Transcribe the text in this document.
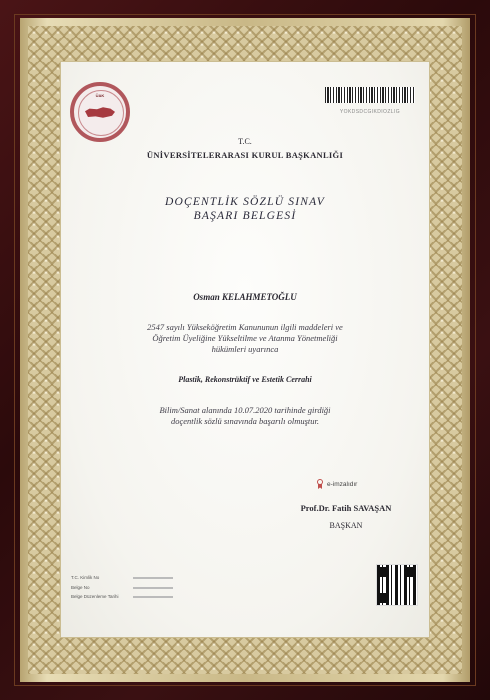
ÜAK
YOKDSDCGIKDIOZLIG
T.C.
ÜNİVERSİTELERARASI KURUL BAŞKANLIĞI
DOÇENTLİK SÖZLÜ SINAV
BAŞARI BELGESİ
Osman KELAHMETOĞLU
2547 sayılı Yükseköğretim Kanununun ilgili maddeleri ve
Öğretim Üyeliğine Yükseltilme ve Atanma Yönetmeliği
hükümleri uyarınca
Plastik, Rekonstrüktif ve Estetik Cerrahi
Bilim/Sanat alanında 10.07.2020 tarihinde girdiği
doçentlik sözlü sınavında başarılı olmuştur.
e-imzalıdır
Prof.Dr. Fatih SAVAŞAN
BAŞKAN
T.C. Kimlik No
Belge No
Belge Düzenleme Tarihi
